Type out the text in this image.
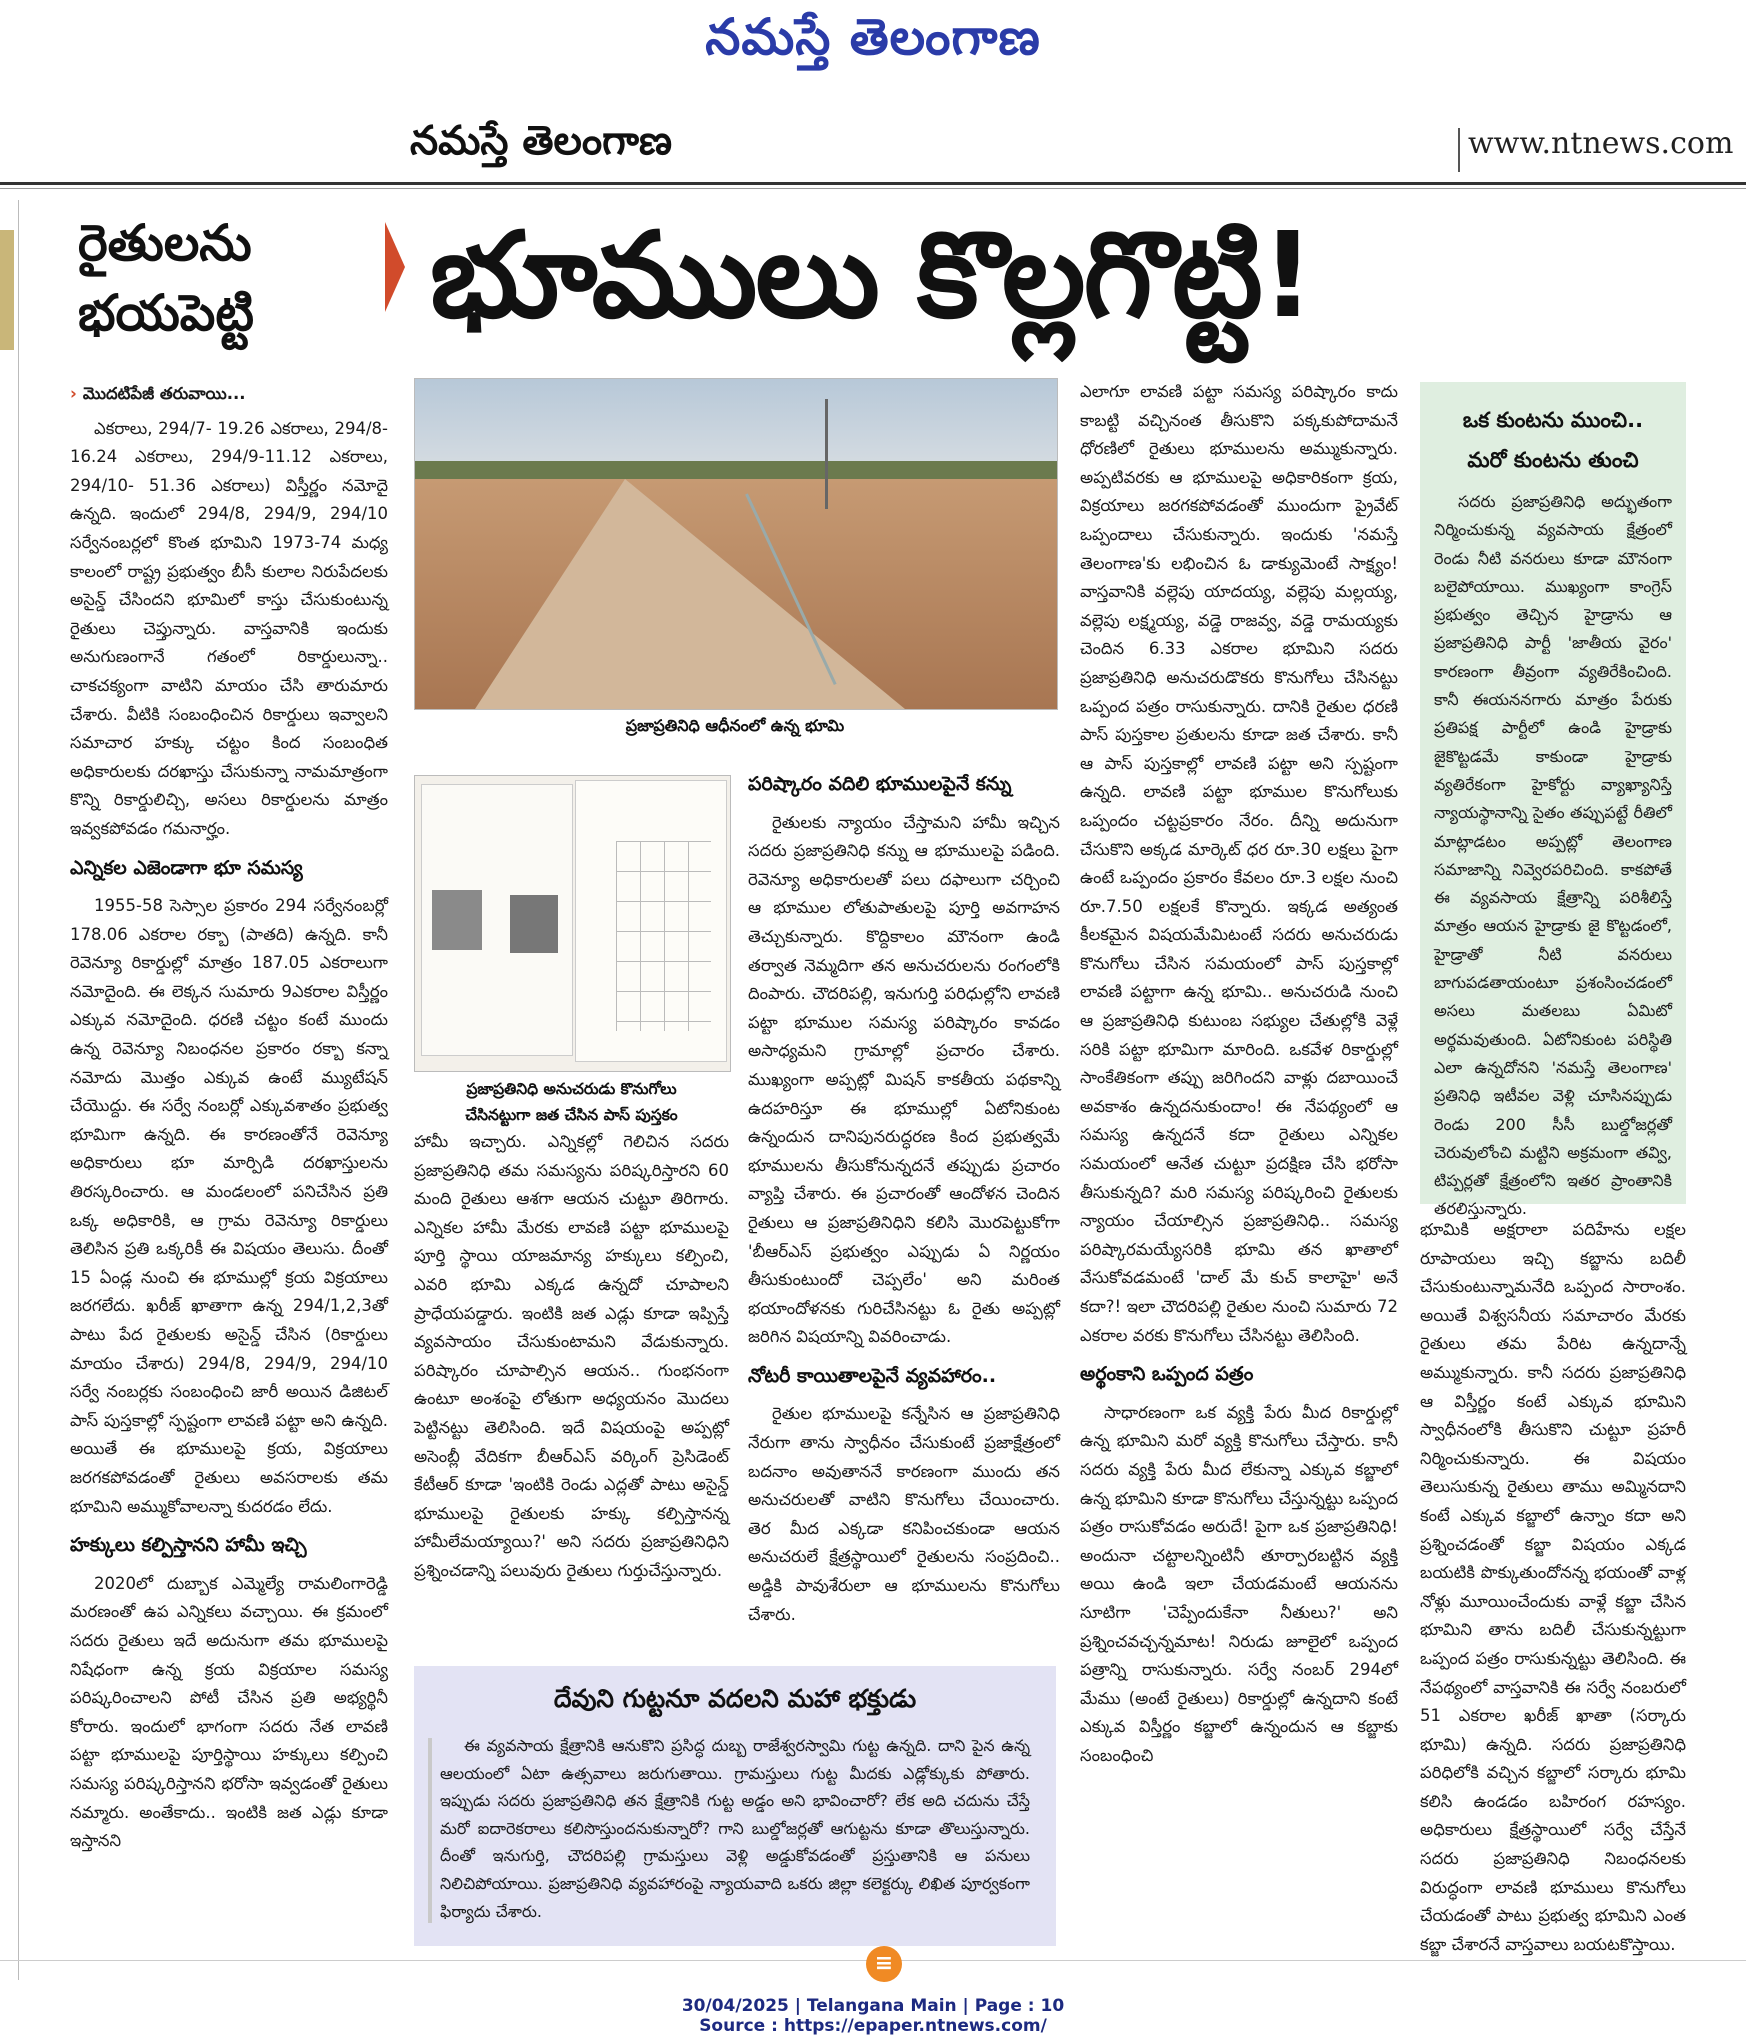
నమస్తే తెలంగాణ
నమస్తే తెలంగాణ	www.ntnews.com
రైతులను
భయపెట్టి	భూములు కొల్లగొట్టి!

› మొదటిపేజీ తరువాయి...

ఎకరాలు, 294/7- 19.26 ఎకరాలు, 294/8-16.24 ఎకరాలు, 294/9-11.12 ఎకరాలు, 294/10- 51.36 ఎకరాలు) విస్తీర్ణం నమోదై ఉన్నది. ఇందులో 294/8, 294/9, 294/10 సర్వేనంబర్లలో కొంత భూమిని 1973-74 మధ్య కాలంలో రాష్ట్ర ప్రభుత్వం బీసీ కులాల నిరుపేదలకు అసైన్డ్ చేసిందని భూమిలో కాస్తు చేసుకుంటున్న రైతులు చెప్తున్నారు. వాస్తవానికి ఇందుకు అనుగుణంగానే గతంలో రికార్డులున్నా.. చాకచక్యంగా వాటిని మాయం చేసి తారుమారు చేశారు. వీటికి సంబంధించిన రికార్డులు ఇవ్వాలని సమాచార హక్కు చట్టం కింద సంబంధిత అధికారులకు దరఖాస్తు చేసుకున్నా నామమాత్రంగా కొన్ని రికార్డులిచ్చి, అసలు రికార్డులను మాత్రం ఇవ్వకపోవడం గమనార్హం.

ఎన్నికల ఎజెండాగా భూ సమస్య

1955-58 సెస్సాల ప్రకారం 294 సర్వేనంబర్లో 178.06 ఎకరాల రక్బా (పాతది) ఉన్నది. కానీ రెవెన్యూ రికార్డుల్లో మాత్రం 187.05 ఎకరాలుగా నమోదైంది. ఈ లెక్కన సుమారు 9ఎకరాల విస్తీర్ణం ఎక్కువ నమోదైంది. ధరణి చట్టం కంటే ముందు ఉన్న రెవెన్యూ నిబంధనల ప్రకారం రక్బా కన్నా నమోదు మొత్తం ఎక్కువ ఉంటే మ్యుటేషన్ చేయొద్దు. ఈ సర్వే నంబర్లో ఎక్కువశాతం ప్రభుత్వ భూమిగా ఉన్నది. ఈ కారణంతోనే రెవెన్యూ అధికారులు భూ మార్పిడి దరఖాస్తులను తిరస్కరించారు. ఆ మండలంలో పనిచేసిన ప్రతి ఒక్క అధికారికి, ఆ గ్రామ రెవెన్యూ రికార్డులు తెలిసిన ప్రతి ఒక్కరికీ ఈ విషయం తెలుసు. దీంతో 15 ఏండ్ల నుంచి ఈ భూముల్లో క్రయ విక్రయాలు జరగలేదు. ఖరీజ్ ఖాతాగా ఉన్న 294/1,2,3తో పాటు పేద రైతులకు అసైన్డ్ చేసిన (రికార్డులు మాయం చేశారు) 294/8, 294/9, 294/10 సర్వే నంబర్లకు సంబంధించి జారీ అయిన డిజిటల్ పాస్ పుస్తకాల్లో స్పష్టంగా లావణి పట్టా అని ఉన్నది. అయితే ఈ భూములపై క్రయ, విక్రయాలు జరగకపోవడంతో రైతులు అవసరాలకు తమ భూమిని అమ్ముకోవాలన్నా కుదరడం లేదు.

హక్కులు కల్పిస్తానని హామీ ఇచ్చి

2020లో దుబ్బాక ఎమ్మెల్యే రామలింగారెడ్డి మరణంతో ఉప ఎన్నికలు వచ్చాయి. ఈ క్రమంలో సదరు రైతులు ఇదే అదునుగా తమ భూములపై నిషేధంగా ఉన్న క్రయ విక్రయాల సమస్య పరిష్కరించాలని పోటీ చేసిన ప్రతి అభ్యర్థినీ కోరారు. ఇందులో భాగంగా సదరు నేత లావణి పట్టా భూములపై పూర్తిస్థాయి హక్కులు కల్పించి సమస్య పరిష్కరిస్తానని భరోసా ఇవ్వడంతో రైతులు నమ్మారు. అంతేకాదు.. ఇంటికి జత ఎడ్లు కూడా ఇస్తానని

ప్రజాప్రతినిధి ఆధీనంలో ఉన్న భూమి
ప్రజాప్రతినిధి అనుచరుడు కొనుగోలు
చేసినట్టుగా జత చేసిన పాస్ పుస్తకం

హామీ ఇచ్చారు. ఎన్నికల్లో గెలిచిన సదరు ప్రజాప్రతినిధి తమ సమస్యను పరిష్కరిస్తారని 60 మంది రైతులు ఆశగా ఆయన చుట్టూ తిరిగారు. ఎన్నికల హామీ మేరకు లావణి పట్టా భూములపై పూర్తి స్థాయి యాజమాన్య హక్కులు కల్పించి, ఎవరి భూమి ఎక్కడ ఉన్నదో చూపాలని ప్రాధేయపడ్డారు. ఇంటికి జత ఎడ్లు కూడా ఇప్పిస్తే వ్యవసాయం చేసుకుంటామని వేడుకున్నారు. పరిష్కారం చూపాల్సిన ఆయన.. గుంభనంగా ఉంటూ అంశంపై లోతుగా అధ్యయనం మొదలు పెట్టినట్టు తెలిసింది. ఇదే విషయంపై అప్పట్లో అసెంబ్లీ వేదికగా బీఆర్ఎస్ వర్కింగ్ ప్రెసిడెంట్ కేటీఆర్ కూడా 'ఇంటికి రెండు ఎద్లతో పాటు అసైన్డ్ భూములపై రైతులకు హక్కు కల్పిస్తానన్న హామీలేమయ్యాయి?' అని సదరు ప్రజాప్రతినిధిని ప్రశ్నించడాన్ని పలువురు రైతులు గుర్తుచేస్తున్నారు.

పరిష్కారం వదిలి భూములపైనే కన్ను

రైతులకు న్యాయం చేస్తామని హామీ ఇచ్చిన సదరు ప్రజాప్రతినిధి కన్ను ఆ భూములపై పడింది. రెవెన్యూ అధికారులతో పలు దఫాలుగా చర్చించి ఆ భూముల లోతుపాతులపై పూర్తి అవగాహన తెచ్చుకున్నారు. కొద్దికాలం మౌనంగా ఉండి తర్వాత నెమ్మదిగా తన అనుచరులను రంగంలోకి దింపారు. చౌదరిపల్లి, ఇనుగుర్తి పరిధుల్లోని లావణి పట్టా భూముల సమస్య పరిష్కారం కావడం అసాధ్యమని గ్రామాల్లో ప్రచారం చేశారు. ముఖ్యంగా అప్పట్లో మిషన్ కాకతీయ పథకాన్ని ఉదహరిస్తూ ఈ భూముల్లో ఏటోనికుంట ఉన్నందున దానిపునరుద్ధరణ కింద ప్రభుత్వమే భూములను తీసుకోనున్నదనే తప్పుడు ప్రచారం వ్యాప్తి చేశారు. ఈ ప్రచారంతో ఆందోళన చెందిన రైతులు ఆ ప్రజాప్రతినిధిని కలిసి మొరపెట్టుకోగా 'బీఆర్ఎస్ ప్రభుత్వం ఎప్పుడు ఏ నిర్ణయం తీసుకుంటుందో చెప్పలేం' అని మరింత భయాందోళనకు గురిచేసినట్టు ఓ రైతు అప్పట్లో జరిగిన విషయాన్ని వివరించాడు.

నోటరీ కాయితాలపైనే వ్యవహారం..

రైతుల భూములపై కన్నేసిన ఆ ప్రజాప్రతినిధి నేరుగా తాను స్వాధీనం చేసుకుంటే ప్రజాక్షేత్రంలో బదనాం అవుతాననే కారణంగా ముందు తన అనుచరులతో వాటిని కొనుగోలు చేయించారు. తెర మీద ఎక్కడా కనిపించకుండా ఆయన అనుచరులే క్షేత్రస్థాయిలో రైతులను సంప్రదించి.. అడ్డికి పావుశేరులా ఆ భూములను కొనుగోలు చేశారు.

ఎలాగూ లావణి పట్టా సమస్య పరిష్కారం కాదు కాబట్టి వచ్చినంత తీసుకొని పక్కకుపోదామనే ధోరణిలో రైతులు భూములను అమ్ముకున్నారు. అప్పటివరకు ఆ భూములపై అధికారికంగా క్రయ, విక్రయాలు జరగకపోవడంతో ముందుగా ప్రైవేట్ ఒప్పందాలు చేసుకున్నారు. ఇందుకు 'నమస్తే తెలంగాణ'కు లభించిన ఓ డాక్యుమెంటే సాక్ష్యం! వాస్తవానికి వల్లెపు యాదయ్య, వల్లెపు మల్లయ్య, వల్లెపు లక్ష్మయ్య, వడ్డె రాజవ్వ, వడ్డె రామయ్యకు చెందిన 6.33 ఎకరాల భూమిని సదరు ప్రజాప్రతినిధి అనుచరుడొకరు కొనుగోలు చేసినట్టు ఒప్పంద పత్రం రాసుకున్నారు. దానికి రైతుల ధరణి పాస్ పుస్తకాల ప్రతులను కూడా జత చేశారు. కానీ ఆ పాస్ పుస్తకాల్లో లావణి పట్టా అని స్పష్టంగా ఉన్నది. లావణి పట్టా భూముల కొనుగోలుకు ఒప్పందం చట్టప్రకారం నేరం. దీన్ని అదునుగా చేసుకొని అక్కడ మార్కెట్ ధర రూ.30 లక్షలు పైగా ఉంటే ఒప్పందం ప్రకారం కేవలం రూ.3 లక్షల నుంచి రూ.7.50 లక్షలకే కొన్నారు. ఇక్కడ అత్యంత కీలకమైన విషయమేమిటంటే సదరు అనుచరుడు కొనుగోలు చేసిన సమయంలో పాస్ పుస్తకాల్లో లావణి పట్టాగా ఉన్న భూమి.. అనుచరుడి నుంచి ఆ ప్రజాప్రతినిధి కుటుంబ సభ్యుల చేతుల్లోకి వెళ్లే సరికి పట్టా భూమిగా మారింది. ఒకవేళ రికార్డుల్లో సాంకేతికంగా తప్పు జరిగిందని వాళ్లు దబాయించే అవకాశం ఉన్నదనుకుందాం! ఈ నేపథ్యంలో ఆ సమస్య ఉన్నదనే కదా రైతులు ఎన్నికల సమయంలో ఆనేత చుట్టూ ప్రదక్షిణ చేసి భరోసా తీసుకున్నది? మరి సమస్య పరిష్కరించి రైతులకు న్యాయం చేయాల్సిన ప్రజాప్రతినిధి.. సమస్య పరిష్కారమయ్యేసరికి భూమి తన ఖాతాలో వేసుకోవడమంటే 'దాల్ మే కుచ్ కాలాహై' అనే కదా?! ఇలా చౌదరిపల్లి రైతుల నుంచి సుమారు 72 ఎకరాల వరకు కొనుగోలు చేసినట్టు తెలిసింది.

అర్థంకాని ఒప్పంద పత్రం

సాధారణంగా ఒక వ్యక్తి పేరు మీద రికార్డుల్లో ఉన్న భూమిని మరో వ్యక్తి కొనుగోలు చేస్తారు. కానీ సదరు వ్యక్తి పేరు మీద లేకున్నా ఎక్కువ కబ్జాలో ఉన్న భూమిని కూడా కొనుగోలు చేస్తున్నట్టు ఒప్పంద పత్రం రాసుకోవడం అరుదే! పైగా ఒక ప్రజాప్రతినిధి! అందునా చట్టాలన్నింటినీ తూర్పారబట్టిన వ్యక్తి అయి ఉండి ఇలా చేయడమంటే ఆయనను సూటిగా 'చెప్పేందుకేనా నీతులు?' అని ప్రశ్నించవచ్చన్నమాట! నిరుడు జూలైలో ఒప్పంద పత్రాన్ని రాసుకున్నారు. సర్వే నంబర్ 294లో మేము (అంటే రైతులు) రికార్డుల్లో ఉన్నదాని కంటే ఎక్కువ విస్తీర్ణం కబ్జాలో ఉన్నందున ఆ కబ్జాకు సంబంధించి

ఒక కుంటను ముంచి..
మరో కుంటను తుంచి

సదరు ప్రజాప్రతినిధి అద్భుతంగా నిర్మించుకున్న వ్యవసాయ క్షేత్రంలో రెండు నీటి వనరులు కూడా మౌనంగా బలైపోయాయి. ముఖ్యంగా కాంగ్రెస్ ప్రభుత్వం తెచ్చిన హైడ్రాను ఆ ప్రజాప్రతినిధి పార్టీ 'జాతీయ వైరం' కారణంగా తీవ్రంగా వ్యతిరేకించింది. కానీ ఈయననగారు మాత్రం పేరుకు ప్రతిపక్ష పార్టీలో ఉండి హైడ్రాకు జైకొట్టడమే కాకుండా హైడ్రాకు వ్యతిరేకంగా హైకోర్టు వ్యాఖ్యానిస్తే న్యాయస్థానాన్ని సైతం తప్పుపట్టే రీతిలో మాట్లాడటం అప్పట్లో తెలంగాణ సమాజాన్ని నివ్వెరపరిచింది. కాకపోతే ఈ వ్యవసాయ క్షేత్రాన్ని పరిశీలిస్తే మాత్రం ఆయన హైడ్రాకు జై కొట్టడంలో, హైడ్రాతో నీటి వనరులు బాగుపడతాయంటూ ప్రశంసించడంలో అసలు మతలబు ఏమిటో అర్థమవుతుంది. ఏటోనికుంట పరిస్థితి ఎలా ఉన్నదోనని 'నమస్తే తెలంగాణ' ప్రతినిధి ఇటీవల వెళ్లి చూసినప్పుడు రెండు 200 సీసీ బుల్డోజర్లతో చెరువులోంచి మట్టిని అక్రమంగా తవ్వి, టిప్పర్లతో క్షేత్రంలోని ఇతర ప్రాంతానికి తరలిస్తున్నారు.

భూమికి అక్షరాలా పదిహేను లక్షల రూపాయలు ఇచ్చి కబ్జాను బదిలీ చేసుకుంటున్నామనేది ఒప్పంద సారాంశం. అయితే విశ్వసనీయ సమాచారం మేరకు రైతులు తమ పేరిట ఉన్నదాన్నే అమ్ముకున్నారు. కానీ సదరు ప్రజాప్రతినిధి ఆ విస్తీర్ణం కంటే ఎక్కువ భూమిని స్వాధీనంలోకి తీసుకొని చుట్టూ ప్రహరీ నిర్మించుకున్నారు. ఈ విషయం తెలుసుకున్న రైతులు తాము అమ్మినదాని కంటే ఎక్కువ కబ్జాలో ఉన్నాం కదా అని ప్రశ్నించడంతో కబ్జా విషయం ఎక్కడ బయటికి పొక్కుతుందోనన్న భయంతో వాళ్ల నోళ్లు మూయించేందుకు వాళ్లే కబ్జా చేసిన భూమిని తాను బదిలీ చేసుకున్నట్టుగా ఒప్పంద పత్రం రాసుకున్నట్టు తెలిసింది. ఈ నేపథ్యంలో వాస్తవానికి ఈ సర్వే నంబరులో 51 ఎకరాల ఖరీజ్ ఖాతా (సర్కారు భూమి) ఉన్నది. సదరు ప్రజాప్రతినిధి పరిధిలోకి వచ్చిన కబ్జాలో సర్కారు భూమి కలిసి ఉండడం బహిరంగ రహస్యం. అధికారులు క్షేత్రస్థాయిలో సర్వే చేస్తేనే సదరు ప్రజాప్రతినిధి నిబంధనలకు విరుద్ధంగా లావణి భూములు కొనుగోలు చేయడంతో పాటు ప్రభుత్వ భూమిని ఎంత కబ్జా చేశారనే వాస్తవాలు బయటకొస్తాయి.

దేవుని గుట్టనూ వదలని మహా భక్తుడు

ఈ వ్యవసాయ క్షేత్రానికి ఆనుకొని ప్రసిద్ధ దుబ్బ రాజేశ్వరస్వామి గుట్ట ఉన్నది. దాని పైన ఉన్న ఆలయంలో ఏటా ఉత్సవాలు జరుగుతాయి. గ్రామస్తులు గుట్ట మీదకు ఎడ్లోక్కుకు పోతారు. ఇప్పుడు సదరు ప్రజాప్రతినిధి తన క్షేత్రానికి గుట్ట అడ్డం అని భావించారో? లేక అది చదును చేస్తే మరో ఐదారెకరాలు కలిసొస్తుందనుకున్నారో? గాని బుల్డోజర్లతో ఆగుట్టను కూడా తొలుస్తున్నారు. దీంతో ఇనుగుర్తి, చౌదరిపల్లి గ్రామస్తులు వెళ్లి అడ్డుకోవడంతో ప్రస్తుతానికి ఆ పనులు నిలిచిపోయాయి. ప్రజాప్రతినిధి వ్యవహారంపై న్యాయవాది ఒకరు జిల్లా కలెక్టర్కు లిఖిత పూర్వకంగా ఫిర్యాదు చేశారు.

≡
30/04/2025 | Telangana Main | Page : 10
Source : https://epaper.ntnews.com/
